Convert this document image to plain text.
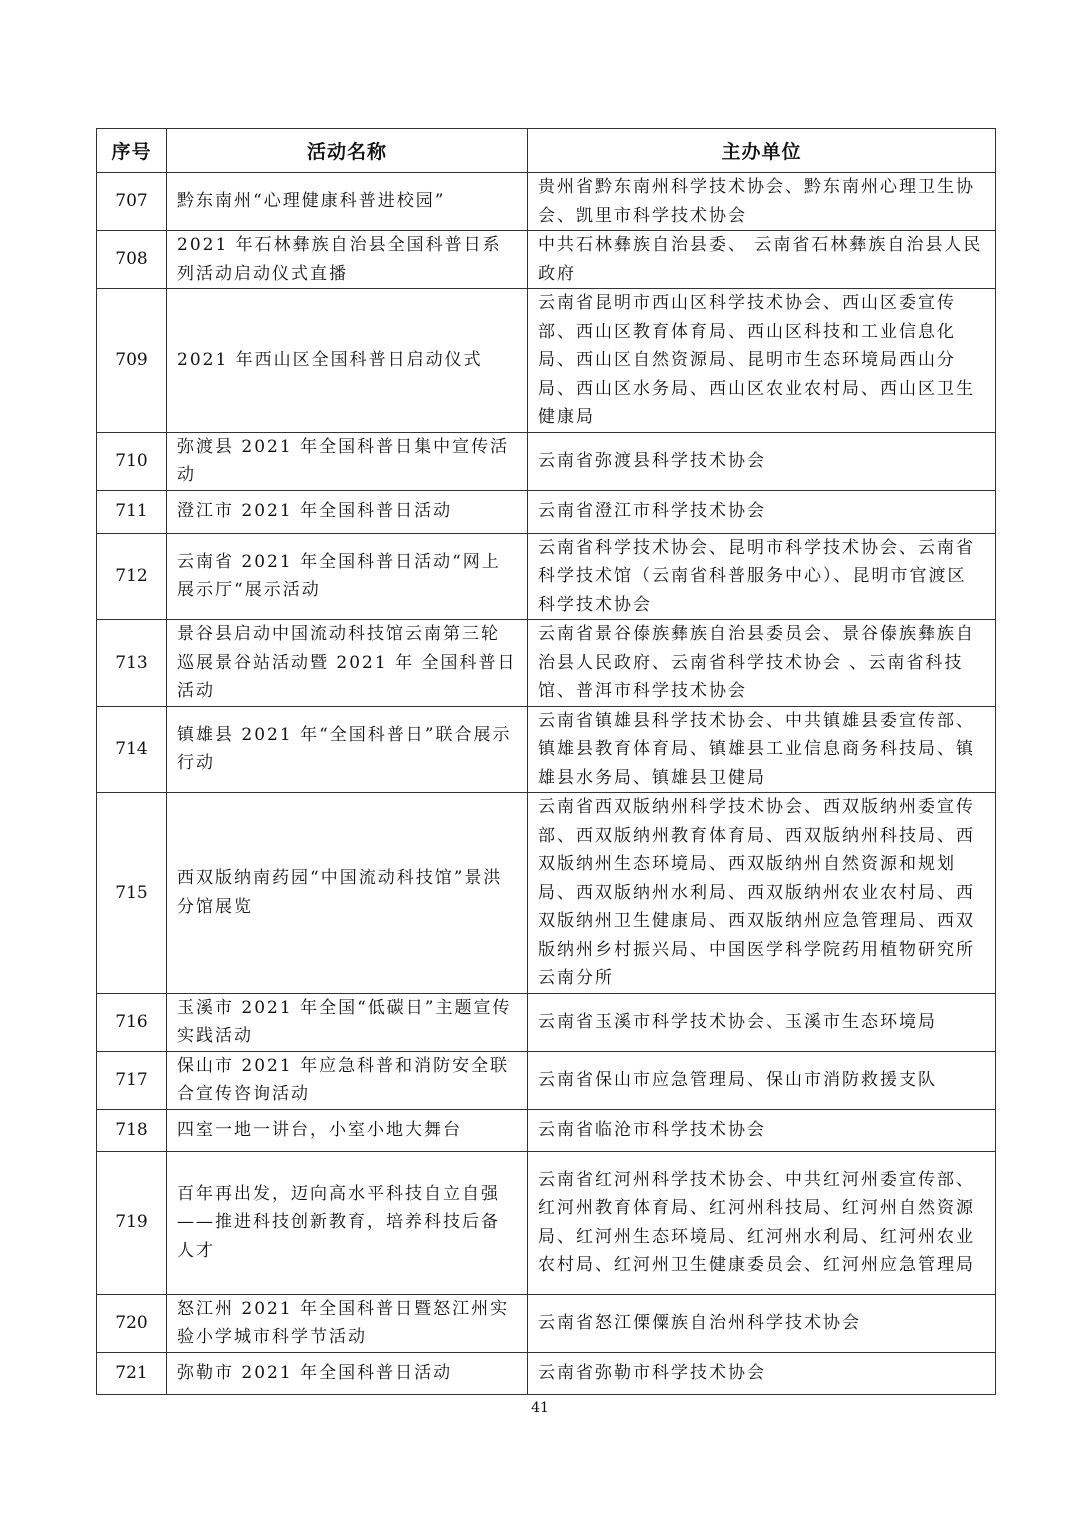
序号	活动名称	主办单位
707	黔东南州“心理健康科普进校园”	贵州省黔东南州科学技术协会、黔东南州心理卫生协会、凯里市科学技术协会
708	2021 年石林彝族自治县全国科普日系列活动启动仪式直播	中共石林彝族自治县委、 云南省石林彝族自治县人民政府
709	2021 年西山区全国科普日启动仪式	云南省昆明市西山区科学技术协会、西山区委宣传部、西山区教育体育局、西山区科技和工业信息化局、西山区自然资源局、昆明市生态环境局西山分局、西山区水务局、西山区农业农村局、西山区卫生健康局
710	弥渡县 2021 年全国科普日集中宣传活动	云南省弥渡县科学技术协会
711	澄江市 2021 年全国科普日活动	云南省澄江市科学技术协会
712	云南省 2021 年全国科普日活动“网上展示厅“展示活动	云南省科学技术协会、昆明市科学技术协会、云南省科学技术馆（云南省科普服务中心）、昆明市官渡区科学技术协会
713	景谷县启动中国流动科技馆云南第三轮巡展景谷站活动暨 2021 年 全国科普日活动	云南省景谷傣族彝族自治县委员会、景谷傣族彝族自治县人民政府、云南省科学技术协会 、云南省科技馆、普洱市科学技术协会
714	镇雄县 2021 年“全国科普日”联合展示行动	云南省镇雄县科学技术协会、中共镇雄县委宣传部、镇雄县教育体育局、镇雄县工业信息商务科技局、镇雄县水务局、镇雄县卫健局
715	西双版纳南药园“中国流动科技馆”景洪分馆展览	云南省西双版纳州科学技术协会、西双版纳州委宣传部、西双版纳州教育体育局、西双版纳州科技局、西双版纳州生态环境局、西双版纳州自然资源和规划局、西双版纳州水利局、西双版纳州农业农村局、西双版纳州卫生健康局、西双版纳州应急管理局、西双版纳州乡村振兴局、中国医学科学院药用植物研究所云南分所
716	玉溪市 2021 年全国“低碳日”主题宣传实践活动	云南省玉溪市科学技术协会、玉溪市生态环境局
717	保山市 2021 年应急科普和消防安全联合宣传咨询活动	云南省保山市应急管理局、保山市消防救援支队
718	四室一地一讲台，小室小地大舞台	云南省临沧市科学技术协会
719	百年再出发，迈向高水平科技自立自强——推进科技创新教育，培养科技后备人才	云南省红河州科学技术协会、中共红河州委宣传部、红河州教育体育局、红河州科技局、红河州自然资源局、红河州生态环境局、红河州水利局、红河州农业农村局、红河州卫生健康委员会、红河州应急管理局
720	怒江州 2021 年全国科普日暨怒江州实验小学城市科学节活动	云南省怒江傈僳族自治州科学技术协会
721	弥勒市 2021 年全国科普日活动	云南省弥勒市科学技术协会
41
